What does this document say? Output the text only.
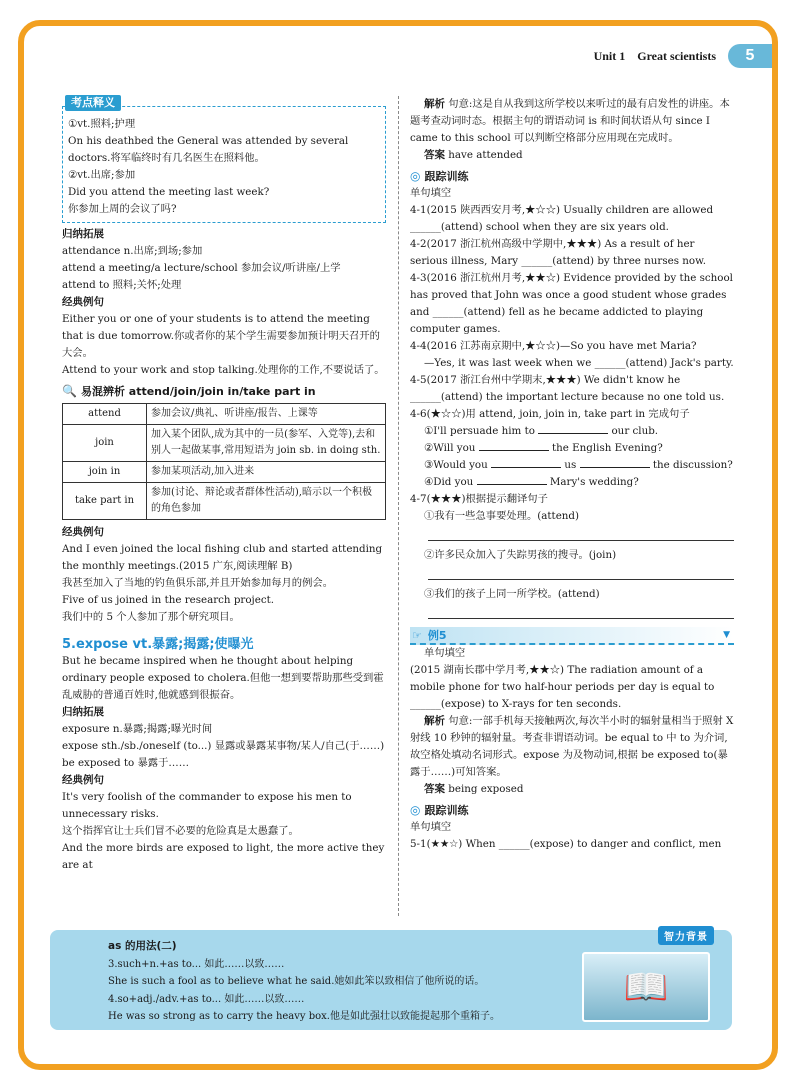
Unit 1 Great scientists	5
考点释义

①vt.照料;护理

On his deathbed the General was attended by several doctors.将军临终时有几名医生在照料他。

②vt.出席;参加

Did you attend the meeting last week?

你参加上周的会议了吗?

归纳拓展
attendance n.出席;到场;参加
attend a meeting/a lecture/school 参加会议/听讲座/上学
attend to 照料;关怀;处理
经典例句
Either you or one of your students is to attend the meeting that is due tomorrow.你或者你的某个学生需要参加预计明天召开的大会。
Attend to your work and stop talking.处理你的工作,不要说话了。
🔍 易混辨析 attend/join/join in/take part in
attend	参加会议/典礼、听讲座/报告、上课等
join	加入某个团队,成为其中的一员(参军、入党等),去和别人一起做某事,常用短语为 join sb. in doing sth.
join in	参加某项活动,加入进来
take part in	参加(讨论、辩论或者群体性活动),暗示以一个积极的角色参加
经典例句
And I even joined the local fishing club and started attending the monthly meetings.(2015 广东,阅读理解 B)
我甚至加入了当地的钓鱼俱乐部,并且开始参加每月的例会。
Five of us joined in the research project.
我们中的 5 个人参加了那个研究项目。
5.expose vt.暴露;揭露;使曝光
But he became inspired when he thought about helping ordinary people exposed to cholera.但他一想到要帮助那些受到霍乱威胁的普通百姓时,他就感到很振奋。
归纳拓展
exposure n.暴露;揭露;曝光时间
expose sth./sb./oneself (to...) 显露或暴露某事物/某人/自己(于……)
be exposed to 暴露于……
经典例句
It's very foolish of the commander to expose his men to unnecessary risks.
这个指挥官让士兵们冒不必要的危险真是太愚蠢了。
And the more birds are exposed to light, the more active they are at
解析 句意:这是自从我到这所学校以来听过的最有启发性的讲座。本题考查动词时态。根据主句的谓语动词 is 和时间状语从句 since I came to this school 可以判断空格部分应用现在完成时。
答案 have attended
◎ 跟踪训练
单句填空
4-1(2015 陕西西安月考,★☆☆) Usually children are allowed ______(attend) school when they are six years old.
4-2(2017 浙江杭州高级中学期中,★★★) As a result of her serious illness, Mary ______(attend) by three nurses now.
4-3(2016 浙江杭州月考,★★☆) Evidence provided by the school has proved that John was once a good student whose grades and ______(attend) fell as he became addicted to playing computer games.
4-4(2016 江苏南京期中,★☆☆)—So you have met Maria?
—Yes, it was last week when we ______(attend) Jack's party.
4-5(2017 浙江台州中学期末,★★★) We didn't know he ______(attend) the important lecture because no one told us.
4-6(★☆☆)用 attend, join, join in, take part in 完成句子
①I'll persuade him to	our club.
②Will you	the English Evening?
③Would you	us	the discussion?
④Did you	Mary's wedding?
4-7(★★★)根据提示翻译句子
①我有一些急事要处理。(attend)
②许多民众加入了失踪男孩的搜寻。(join)
③我们的孩子上同一所学校。(attend)
☞ 例5	▼
单句填空
(2015 湖南长郡中学月考,★★☆) The radiation amount of a mobile phone for two half-hour periods per day is equal to ______(expose) to X-rays for ten seconds.
解析 句意:一部手机每天接触两次,每次半小时的辐射量相当于照射 X 射线 10 秒钟的辐射量。考查非谓语动词。be equal to 中 to 为介词,故空格处填动名词形式。expose 为及物动词,根据 be exposed to(暴露于……)可知答案。
答案 being exposed
◎ 跟踪训练
单句填空
5-1(★★☆) When ______(expose) to danger and conflict, men
智力背景
as 的用法(二)
3.such+n.+as to... 如此……以致……
She is such a fool as to believe what he said.她如此笨以致相信了他所说的话。
4.so+adj./adv.+as to... 如此……以致……
He was so strong as to carry the heavy box.他是如此强壮以致能提起那个重箱子。
📖
